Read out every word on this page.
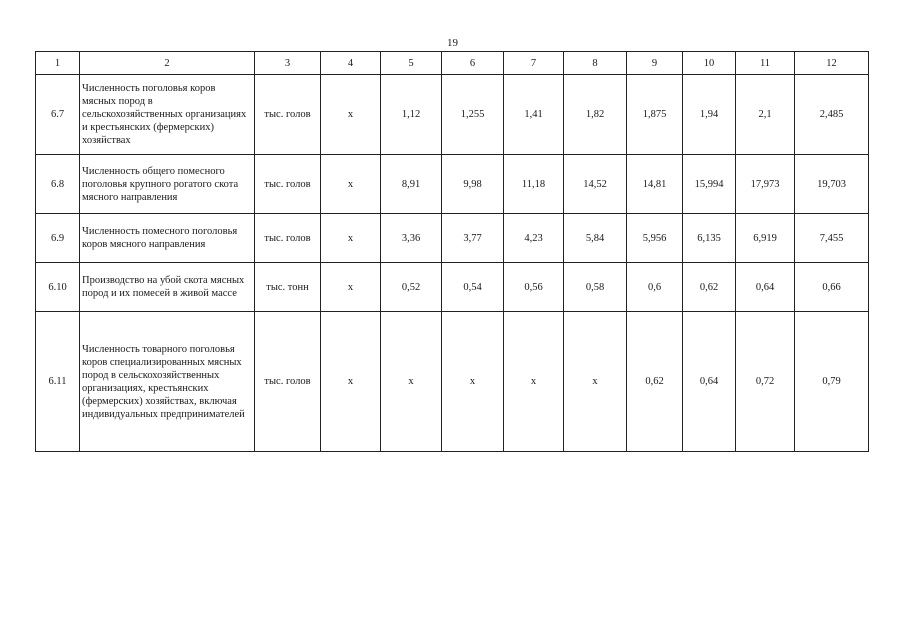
19
1	2	3	4	5	6	7	8	9	10	11	12
6.7	Численность поголовья коров мясных пород в сельскохозяйственных организациях и крестьянских (фермерских) хозяйствах	тыс. голов	x	1,12	1,255	1,41	1,82	1,875	1,94	2,1	2,485
6.8	Численность общего помесного поголовья крупного рогатого скота мясного направления	тыс. голов	x	8,91	9,98	11,18	14,52	14,81	15,994	17,973	19,703
6.9	Численность помесного поголовья коров мясного направления	тыс. голов	x	3,36	3,77	4,23	5,84	5,956	6,135	6,919	7,455
6.10	Производство на убой скота мясных пород и их помесей в живой массе	тыс. тонн	x	0,52	0,54	0,56	0,58	0,6	0,62	0,64	0,66
6.11	Численность товарного поголовья коров специализированных мясных пород в сельскохозяйственных организациях, крестьянских (фермерских) хозяйствах, включая индивидуальных предпринимателей	тыс. голов	x	x	x	x	x	0,62	0,64	0,72	0,79
